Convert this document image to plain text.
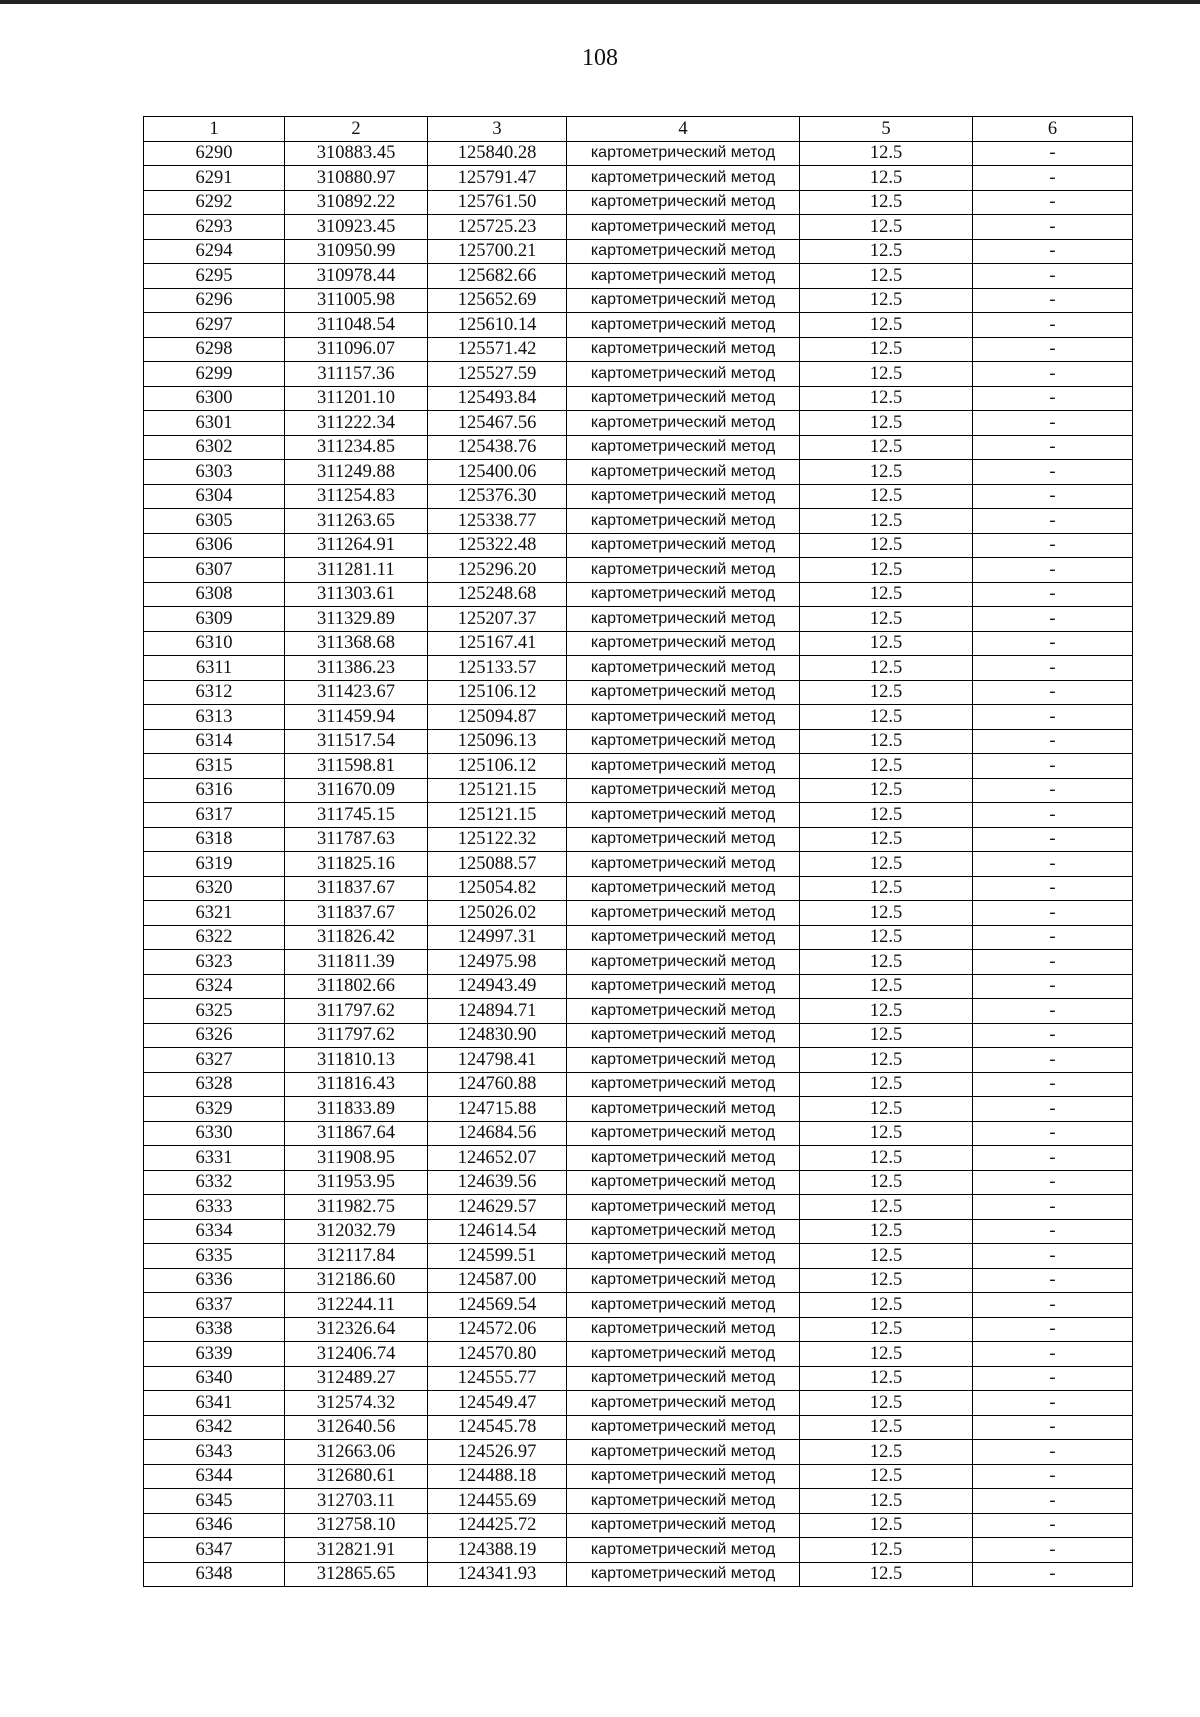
108
1	2	3	4	5	6
6290	310883.45	125840.28	картометрический метод	12.5	-
6291	310880.97	125791.47	картометрический метод	12.5	-
6292	310892.22	125761.50	картометрический метод	12.5	-
6293	310923.45	125725.23	картометрический метод	12.5	-
6294	310950.99	125700.21	картометрический метод	12.5	-
6295	310978.44	125682.66	картометрический метод	12.5	-
6296	311005.98	125652.69	картометрический метод	12.5	-
6297	311048.54	125610.14	картометрический метод	12.5	-
6298	311096.07	125571.42	картометрический метод	12.5	-
6299	311157.36	125527.59	картометрический метод	12.5	-
6300	311201.10	125493.84	картометрический метод	12.5	-
6301	311222.34	125467.56	картометрический метод	12.5	-
6302	311234.85	125438.76	картометрический метод	12.5	-
6303	311249.88	125400.06	картометрический метод	12.5	-
6304	311254.83	125376.30	картометрический метод	12.5	-
6305	311263.65	125338.77	картометрический метод	12.5	-
6306	311264.91	125322.48	картометрический метод	12.5	-
6307	311281.11	125296.20	картометрический метод	12.5	-
6308	311303.61	125248.68	картометрический метод	12.5	-
6309	311329.89	125207.37	картометрический метод	12.5	-
6310	311368.68	125167.41	картометрический метод	12.5	-
6311	311386.23	125133.57	картометрический метод	12.5	-
6312	311423.67	125106.12	картометрический метод	12.5	-
6313	311459.94	125094.87	картометрический метод	12.5	-
6314	311517.54	125096.13	картометрический метод	12.5	-
6315	311598.81	125106.12	картометрический метод	12.5	-
6316	311670.09	125121.15	картометрический метод	12.5	-
6317	311745.15	125121.15	картометрический метод	12.5	-
6318	311787.63	125122.32	картометрический метод	12.5	-
6319	311825.16	125088.57	картометрический метод	12.5	-
6320	311837.67	125054.82	картометрический метод	12.5	-
6321	311837.67	125026.02	картометрический метод	12.5	-
6322	311826.42	124997.31	картометрический метод	12.5	-
6323	311811.39	124975.98	картометрический метод	12.5	-
6324	311802.66	124943.49	картометрический метод	12.5	-
6325	311797.62	124894.71	картометрический метод	12.5	-
6326	311797.62	124830.90	картометрический метод	12.5	-
6327	311810.13	124798.41	картометрический метод	12.5	-
6328	311816.43	124760.88	картометрический метод	12.5	-
6329	311833.89	124715.88	картометрический метод	12.5	-
6330	311867.64	124684.56	картометрический метод	12.5	-
6331	311908.95	124652.07	картометрический метод	12.5	-
6332	311953.95	124639.56	картометрический метод	12.5	-
6333	311982.75	124629.57	картометрический метод	12.5	-
6334	312032.79	124614.54	картометрический метод	12.5	-
6335	312117.84	124599.51	картометрический метод	12.5	-
6336	312186.60	124587.00	картометрический метод	12.5	-
6337	312244.11	124569.54	картометрический метод	12.5	-
6338	312326.64	124572.06	картометрический метод	12.5	-
6339	312406.74	124570.80	картометрический метод	12.5	-
6340	312489.27	124555.77	картометрический метод	12.5	-
6341	312574.32	124549.47	картометрический метод	12.5	-
6342	312640.56	124545.78	картометрический метод	12.5	-
6343	312663.06	124526.97	картометрический метод	12.5	-
6344	312680.61	124488.18	картометрический метод	12.5	-
6345	312703.11	124455.69	картометрический метод	12.5	-
6346	312758.10	124425.72	картометрический метод	12.5	-
6347	312821.91	124388.19	картометрический метод	12.5	-
6348	312865.65	124341.93	картометрический метод	12.5	-
